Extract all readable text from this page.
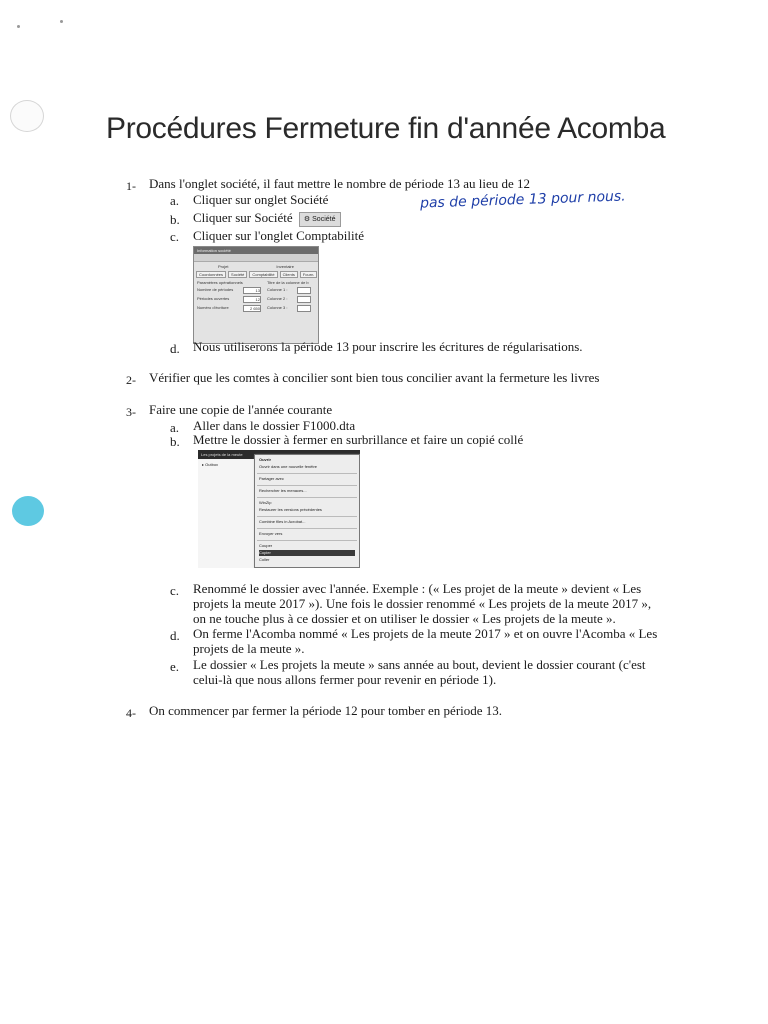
Procédures Fermeture fin d'année Acomba
1- Dans l'onglet société, il faut mettre le nombre de période 13 au lieu de 12
a. Cliquer sur onglet Société
b. Cliquer sur Société ⚙ Société
pas de période 13 pour nous.
c. Cliquer sur l'onglet Comptabilité
Information société
Projet	Inventaire
Coordonnées	Société	Comptabilité	Clients	Fourn.
Paramètres opérationnels
Nombre de périodes	13
Périodes ouvertes	12
Numéro d'écriture	2 650
Titre de la colonne de b
Colonne 1 :
Colonne 2 :
Colonne 3 :
d. Nous utiliserons la période 13 pour inscrire les écritures de régularisations.
2- Vérifier que les comtes à concilier sont bien tous concilier avant la fermeture les livres
3- Faire une copie de l'année courante
a. Aller dans le dossier F1000.dta
b. Mettre le dossier à fermer en surbrillance et faire un copié collé
Les projets de la meute
▸ Outbox
Ouvrir
Ouvrir dans une nouvelle fenêtre
Partager avec
Rechercher les menaces...
WinZip
Restaurer les versions précédentes
Combine files in Acrobat...
Envoyer vers
Couper
Copier
Coller
c. Renommé le dossier avec l'année. Exemple : (« Les projet de la meute » devient « Les
projets la meute 2017 »). Une fois le dossier renommé « Les projets de la meute 2017 »,
on ne touche plus à ce dossier et on utiliser le dossier « Les projets de la meute ».
d. On ferme l'Acomba nommé « Les projets de la meute 2017 » et on ouvre l'Acomba « Les
projets de la meute ».
e. Le dossier « Les projets la meute » sans année au bout, devient le dossier courant (c'est
celui-là que nous allons fermer pour revenir en période 1).
4- On commencer par fermer la période 12 pour tomber en période 13.
